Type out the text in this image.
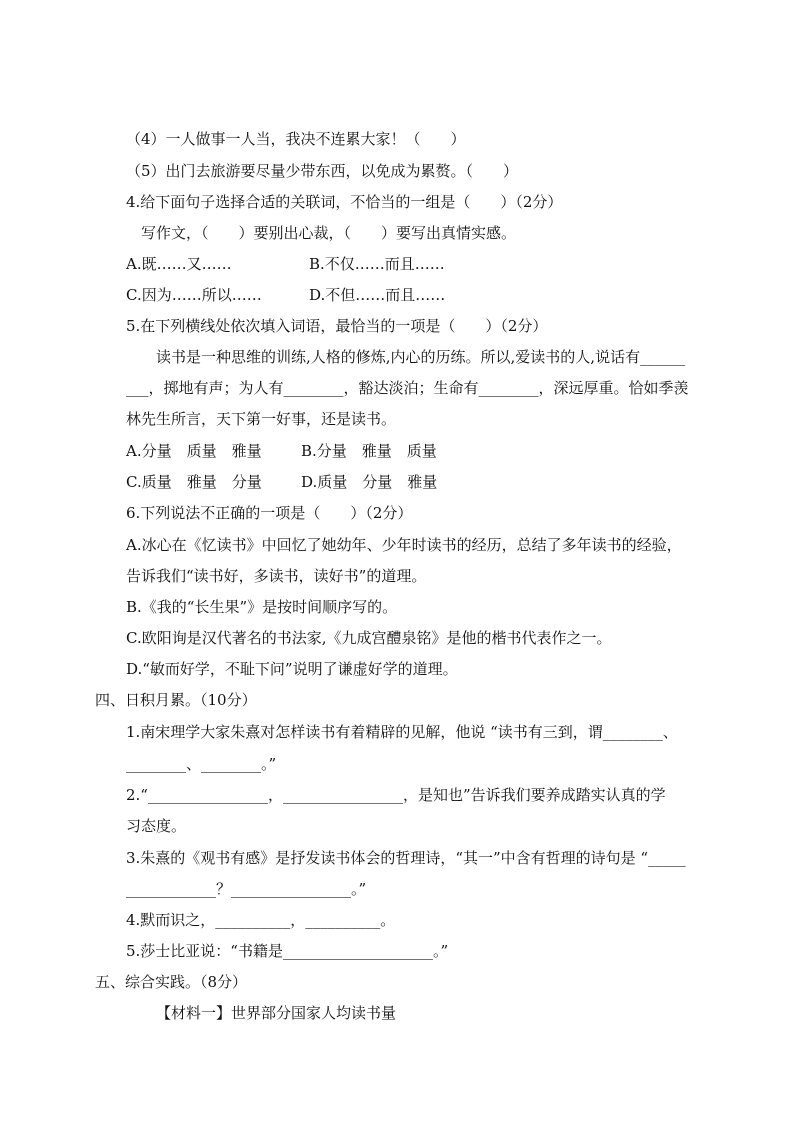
（4）一人做事一人当，我决不连累大家！（　　）
（5）出门去旅游要尽量少带东西，以免成为累赘。（　　）
4.给下面句子选择合适的关联词，不恰当的一组是（　　）（2分）
写作文，（　　）要别出心裁，（　　）要写出真情实感。
A.既……又……	B.不仅……而且……
C.因为……所以……	D.不但……而且……
5.在下列横线处依次填入词语，最恰当的一项是（　　）（2分）
读书是一种思维的训练,人格的修炼,内心的历练。所以,爱读书的人,说话有______
___，掷地有声；为人有________，豁达淡泊；生命有________，深远厚重。恰如季羡
林先生所言，天下第一好事，还是读书。
A.分量　质量　雅量	B.分量　雅量　质量
C.质量　雅量　分量	D.质量　分量　雅量
6.下列说法不正确的一项是（　　）（2分）
A.冰心在《忆读书》中回忆了她幼年、少年时读书的经历，总结了多年读书的经验，
告诉我们“读书好，多读书，读好书”的道理。
B.《我的“长生果”》是按时间顺序写的。
C.欧阳询是汉代著名的书法家,《九成宫醴泉铭》是他的楷书代表作之一。
D.“敏而好学，不耻下问”说明了谦虚好学的道理。
四、日积月累。（10分）
1.南宋理学大家朱熹对怎样读书有着精辟的见解，他说 “读书有三到，谓________、
________、________。”
2.“________________，________________，是知也”告诉我们要养成踏实认真的学
习态度。
3.朱熹的《观书有感》是抒发读书体会的哲理诗，“其一”中含有哲理的诗句是 “_____
____________？________________。”
4.默而识之，__________，__________。
5.莎士比亚说：“书籍是____________________。”
五、综合实践。（8分）
【材料一】世界部分国家人均读书量
